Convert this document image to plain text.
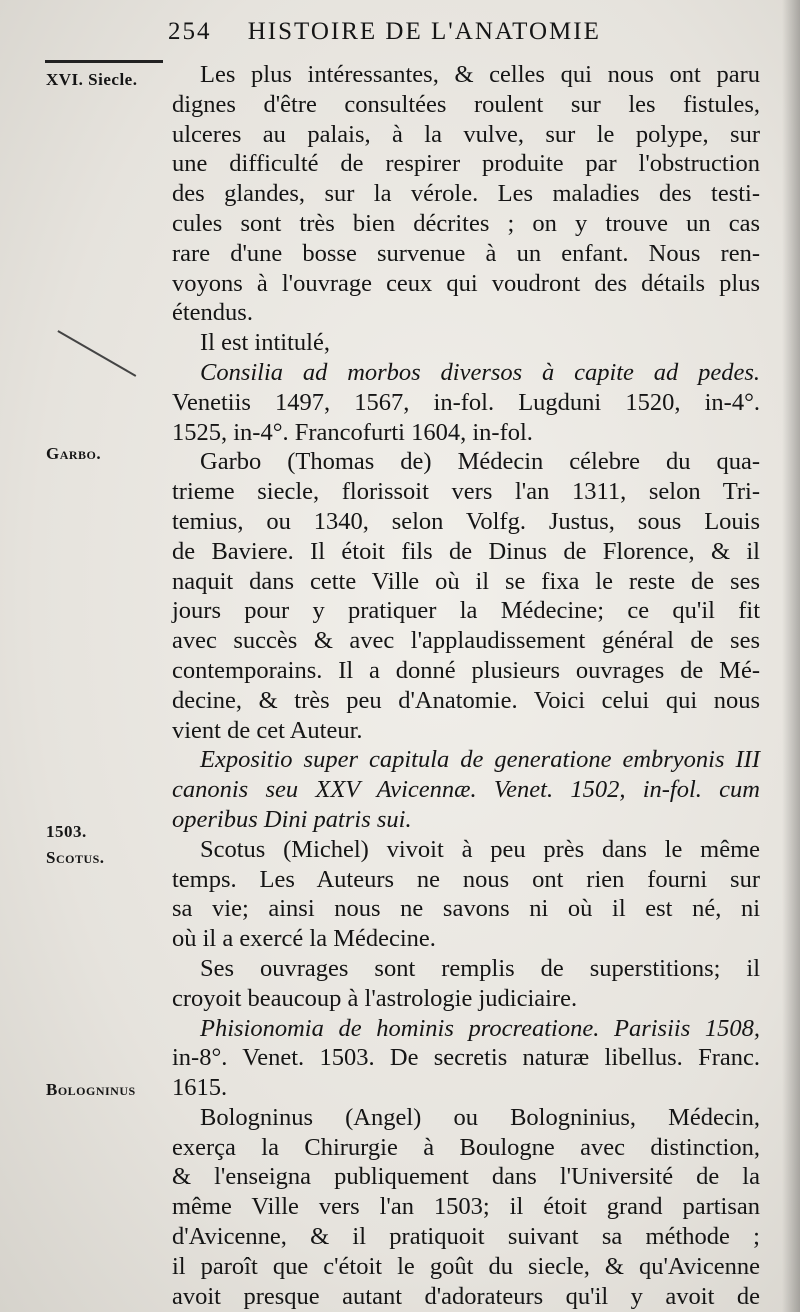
254 HISTOIRE DE L'ANATOMIE
XVI. Siecle.
Garbo.
1503.
Scotus.
Bologninus
Les plus intéressantes, & celles qui nous ont paru
dignes d'être consultées roulent sur les fistules,
ulceres au palais, à la vulve, sur le polype, sur
une difficulté de respirer produite par l'obstruction
des glandes, sur la vérole. Les maladies des testi-
cules sont très bien décrites ; on y trouve un cas
rare d'une bosse survenue à un enfant. Nous ren-
voyons à l'ouvrage ceux qui voudront des détails plus
étendus.
Il est intitulé,
Consilia ad morbos diversos à capite ad pedes.
Venetiis 1497, 1567, in-fol. Lugduni 1520, in-4°.
1525, in-4°. Francofurti 1604, in-fol.
Garbo (Thomas de) Médecin célebre du qua-
trieme siecle, florissoit vers l'an 1311, selon Tri-
temius, ou 1340, selon Volfg. Justus, sous Louis
de Baviere. Il étoit fils de Dinus de Florence, & il
naquit dans cette Ville où il se fixa le reste de ses
jours pour y pratiquer la Médecine; ce qu'il fit
avec succès & avec l'applaudissement général de ses
contemporains. Il a donné plusieurs ouvrages de Mé-
decine, & très peu d'Anatomie. Voici celui qui nous
vient de cet Auteur.
Expositio super capitula de generatione embryonis III
canonis seu XXV Avicennæ. Venet. 1502, in-fol. cum
operibus Dini patris sui.
Scotus (Michel) vivoit à peu près dans le même
temps. Les Auteurs ne nous ont rien fourni sur
sa vie; ainsi nous ne savons ni où il est né, ni
où il a exercé la Médecine.
Ses ouvrages sont remplis de superstitions; il
croyoit beaucoup à l'astrologie judiciaire.
Phisionomia de hominis procreatione. Parisiis 1508,
in-8°. Venet. 1503. De secretis naturæ libellus. Franc.
1615.
Bologninus (Angel) ou Bologninius, Médecin,
exerça la Chirurgie à Boulogne avec distinction,
& l'enseigna publiquement dans l'Université de la
même Ville vers l'an 1503; il étoit grand partisan
d'Avicenne, & il pratiquoit suivant sa méthode ;
il paroît que c'étoit le goût du siecle, & qu'Avicenne
avoit presque autant d'adorateurs qu'il y avoit de
